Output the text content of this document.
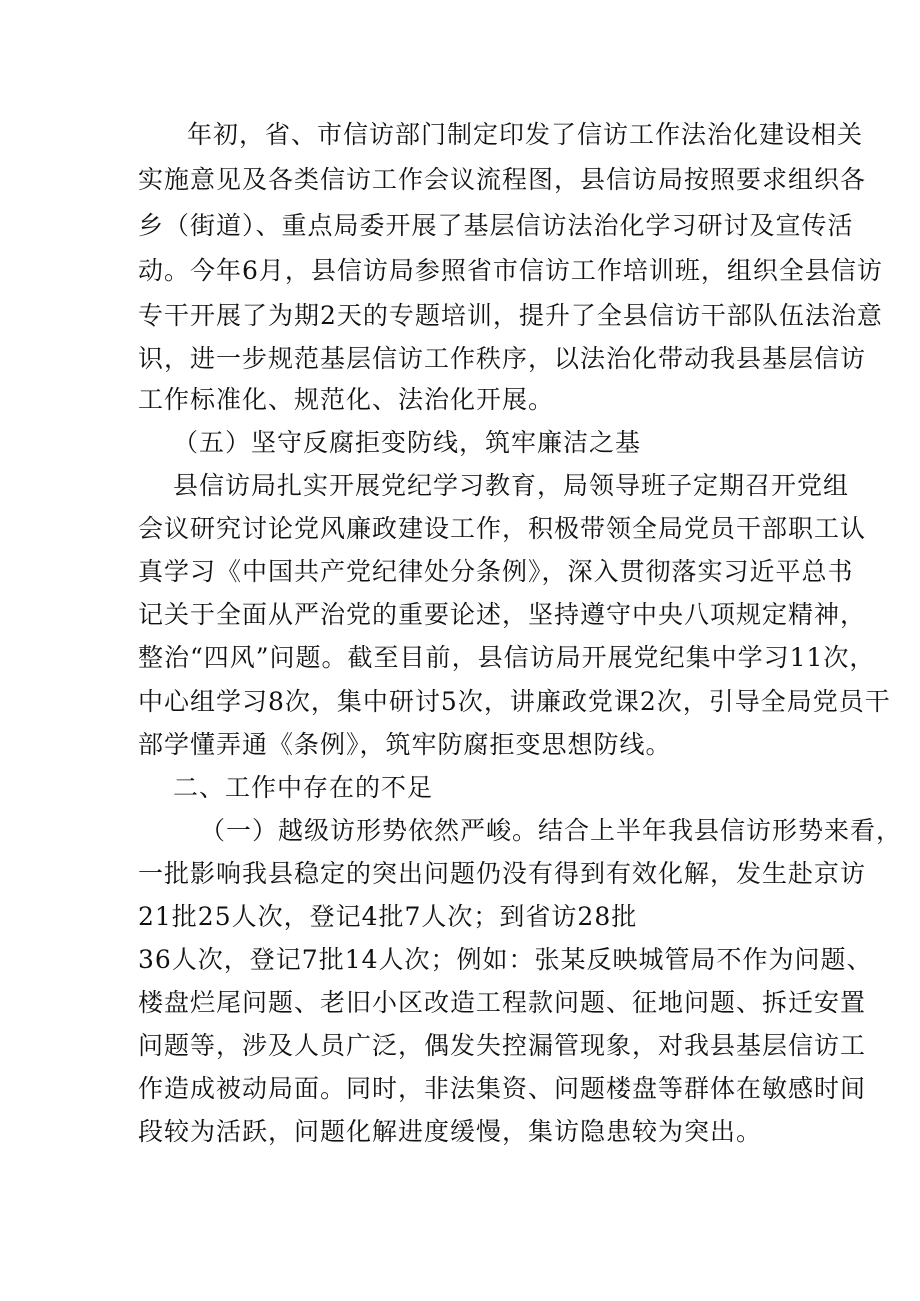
年初，省、市信访部门制定印发了信访工作法治化建设相关
实施意见及各类信访工作会议流程图，县信访局按照要求组织各
乡（街道）、重点局委开展了基层信访法治化学习研讨及宣传活
动。今年6月，县信访局参照省市信访工作培训班，组织全县信访
专干开展了为期2天的专题培训，提升了全县信访干部队伍法治意
识，进一步规范基层信访工作秩序，以法治化带动我县基层信访
工作标准化、规范化、法治化开展。
（五）坚守反腐拒变防线，筑牢廉洁之基
县信访局扎实开展党纪学习教育，局领导班子定期召开党组
会议研究讨论党风廉政建设工作，积极带领全局党员干部职工认
真学习《中国共产党纪律处分条例》，深入贯彻落实习近平总书
记关于全面从严治党的重要论述，坚持遵守中央八项规定精神，
整治“四风”问题。截至目前，县信访局开展党纪集中学习11次，
中心组学习8次，集中研讨5次，讲廉政党课2次，引导全局党员干
部学懂弄通《条例》，筑牢防腐拒变思想防线。
二、工作中存在的不足
（一）越级访形势依然严峻。结合上半年我县信访形势来看，
一批影响我县稳定的突出问题仍没有得到有效化解，发生赴京访
21批25人次，登记4批7人次；到省访28批
36人次，登记7批14人次；例如：张某反映城管局不作为问题、
楼盘烂尾问题、老旧小区改造工程款问题、征地问题、拆迁安置
问题等，涉及人员广泛，偶发失控漏管现象，对我县基层信访工
作造成被动局面。同时，非法集资、问题楼盘等群体在敏感时间
段较为活跃，问题化解进度缓慢，集访隐患较为突出。
